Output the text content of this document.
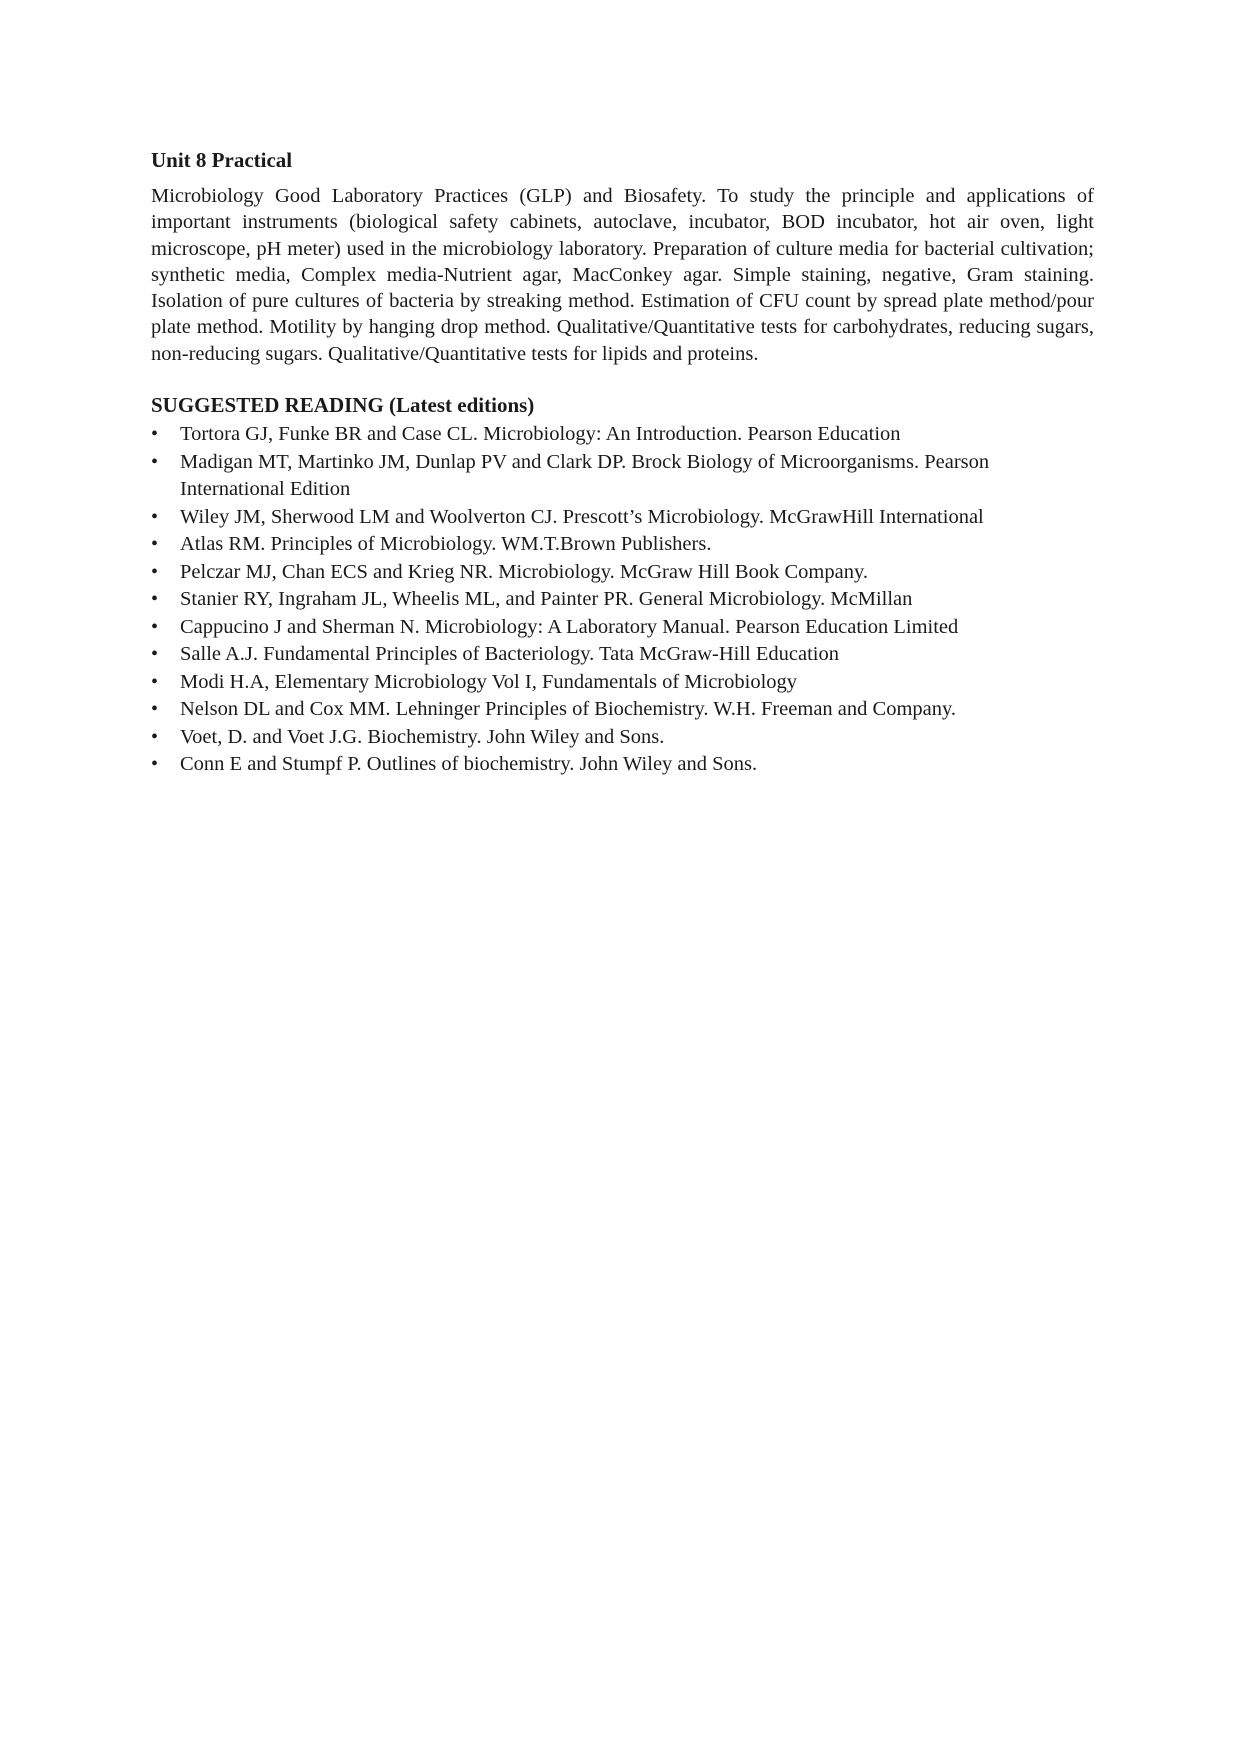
Unit 8 Practical

Microbiology Good Laboratory Practices (GLP) and Biosafety. To study the principle and applications of important instruments (biological safety cabinets, autoclave, incubator, BOD incubator, hot air oven, light microscope, pH meter) used in the microbiology laboratory. Preparation of culture media for bacterial cultivation; synthetic media, Complex media-Nutrient agar, MacConkey agar. Simple staining, negative, Gram staining. Isolation of pure cultures of bacteria by streaking method. Estimation of CFU count by spread plate method/pour plate method. Motility by hanging drop method. Qualitative/Quantitative tests for carbohydrates, reducing sugars, non-reducing sugars. Qualitative/Quantitative tests for lipids and proteins.

SUGGESTED READING (Latest editions)
•	Tortora GJ, Funke BR and Case CL. Microbiology: An Introduction. Pearson Education
•	Madigan MT, Martinko JM, Dunlap PV and Clark DP. Brock Biology of Microorganisms. Pearson International Edition
•	Wiley JM, Sherwood LM and Woolverton CJ. Prescott’s Microbiology. McGrawHill International
•	Atlas RM. Principles of Microbiology. WM.T.Brown Publishers.
•	Pelczar MJ, Chan ECS and Krieg NR. Microbiology. McGraw Hill Book Company.
•	Stanier RY, Ingraham JL, Wheelis ML, and Painter PR. General Microbiology. McMillan
•	Cappucino J and Sherman N. Microbiology: A Laboratory Manual. Pearson Education Limited
•	Salle A.J. Fundamental Principles of Bacteriology. Tata McGraw-Hill Education
•	Modi H.A, Elementary Microbiology Vol I, Fundamentals of Microbiology
•	Nelson DL and Cox MM. Lehninger Principles of Biochemistry. W.H. Freeman and Company.
•	Voet, D. and Voet J.G. Biochemistry. John Wiley and Sons.
•	Conn E and Stumpf P. Outlines of biochemistry. John Wiley and Sons.
